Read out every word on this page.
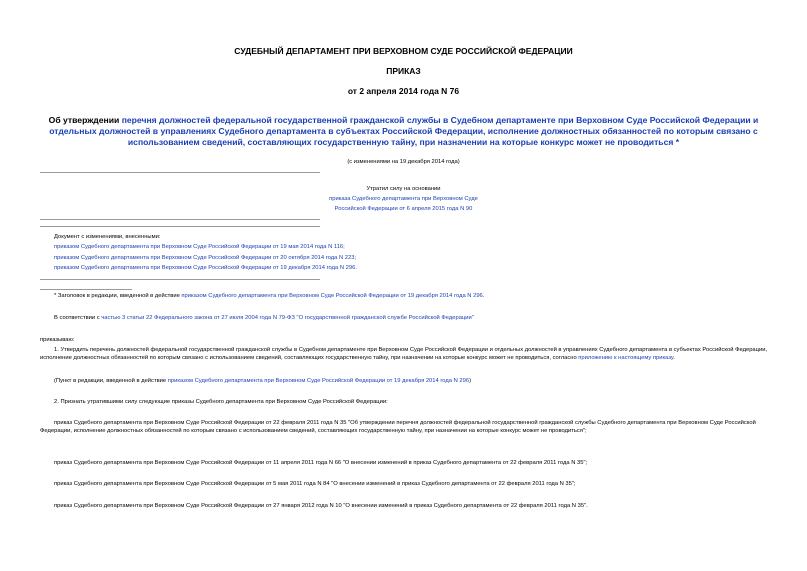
СУДЕБНЫЙ ДЕПАРТАМЕНТ ПРИ ВЕРХОВНОМ СУДЕ РОССИЙСКОЙ ФЕДЕРАЦИИ
ПРИКАЗ
от 2 апреля 2014 года N 76
Об утверждении перечня должностей федеральной государственной гражданской службы в Судебном департаменте при Верховном Суде Российской Федерации и отдельных должностей в управлениях Судебного департамента в субъектах Российской Федерации, исполнение должностных обязанностей по которым связано с использованием сведений, составляющих государственную тайну, при назначении на которые конкурс может не проводиться *
(с изменениями на 19 декабря 2014 года)
Утратил силу на основании
приказа Судебного департамента при Верховном Суде
Российской Федерации от 6 апреля 2015 года N 90
Документ с изменениями, внесенными:
приказом Судебного департамента при Верховном Суде Российской Федерации от 19 мая 2014 года N 116;
приказом Судебного департамента при Верховном Суде Российской Федерации от 20 октября 2014 года N 223;
приказом Судебного департамента при Верховном Суде Российской Федерации от 19 декабря 2014 года N 296.
* Заголовок в редакции, введенной в действие приказом Судебного департамента при Верховном Суде Российской Федерации от 19 декабря 2014 года N 296.
В соответствии с частью 3 статьи 22 Федерального закона от 27 июля 2004 года N 79-ФЗ "О государственной гражданской службе Российской Федерации"
приказываю:
1. Утвердить перечень должностей федеральной государственной гражданской службы в Судебном департаменте при Верховном Суде Российской Федерации и отдельных должностей в управлениях Судебного департамента в субъектах Российской Федерации, исполнение должностных обязанностей по которым связано с использованием сведений, составляющих государственную тайну, при назначении на которые конкурс может не проводиться, согласно приложению к настоящему приказу.
(Пункт в редакции, введенной в действие приказом Судебного департамента при Верховном Суде Российской Федерации от 19 декабря 2014 года N 296)
2. Признать утратившими силу следующие приказы Судебного департамента при Верховном Суде Российской Федерации:
приказ Судебного департамента при Верховном Суде Российской Федерации от 22 февраля 2011 года N 35 "Об утверждении перечня должностей федеральной государственной гражданской службы Судебного департамента при Верховном Суде Российской Федерации, исполнение должностных обязанностей по которым связано с использованием сведений, составляющих государственную тайну, при назначении на которые конкурс может не проводиться";
приказ Судебного департамента при Верховном Суде Российской Федерации от 11 апреля 2011 года N 66 "О внесении изменений в приказ Судебного департамента от 22 февраля 2011 года N 35";
приказ Судебного департамента при Верховном Суде Российской Федерации от 5 мая 2011 года N 84 "О внесении изменений в приказ Судебного департамента от 22 февраля 2011 года N 35";
приказ Судебного департамента при Верховном Суде Российской Федерации от 27 января 2012 года N 10 "О внесении изменений в приказ Судебного департамента от 22 февраля 2011 года N 35".
